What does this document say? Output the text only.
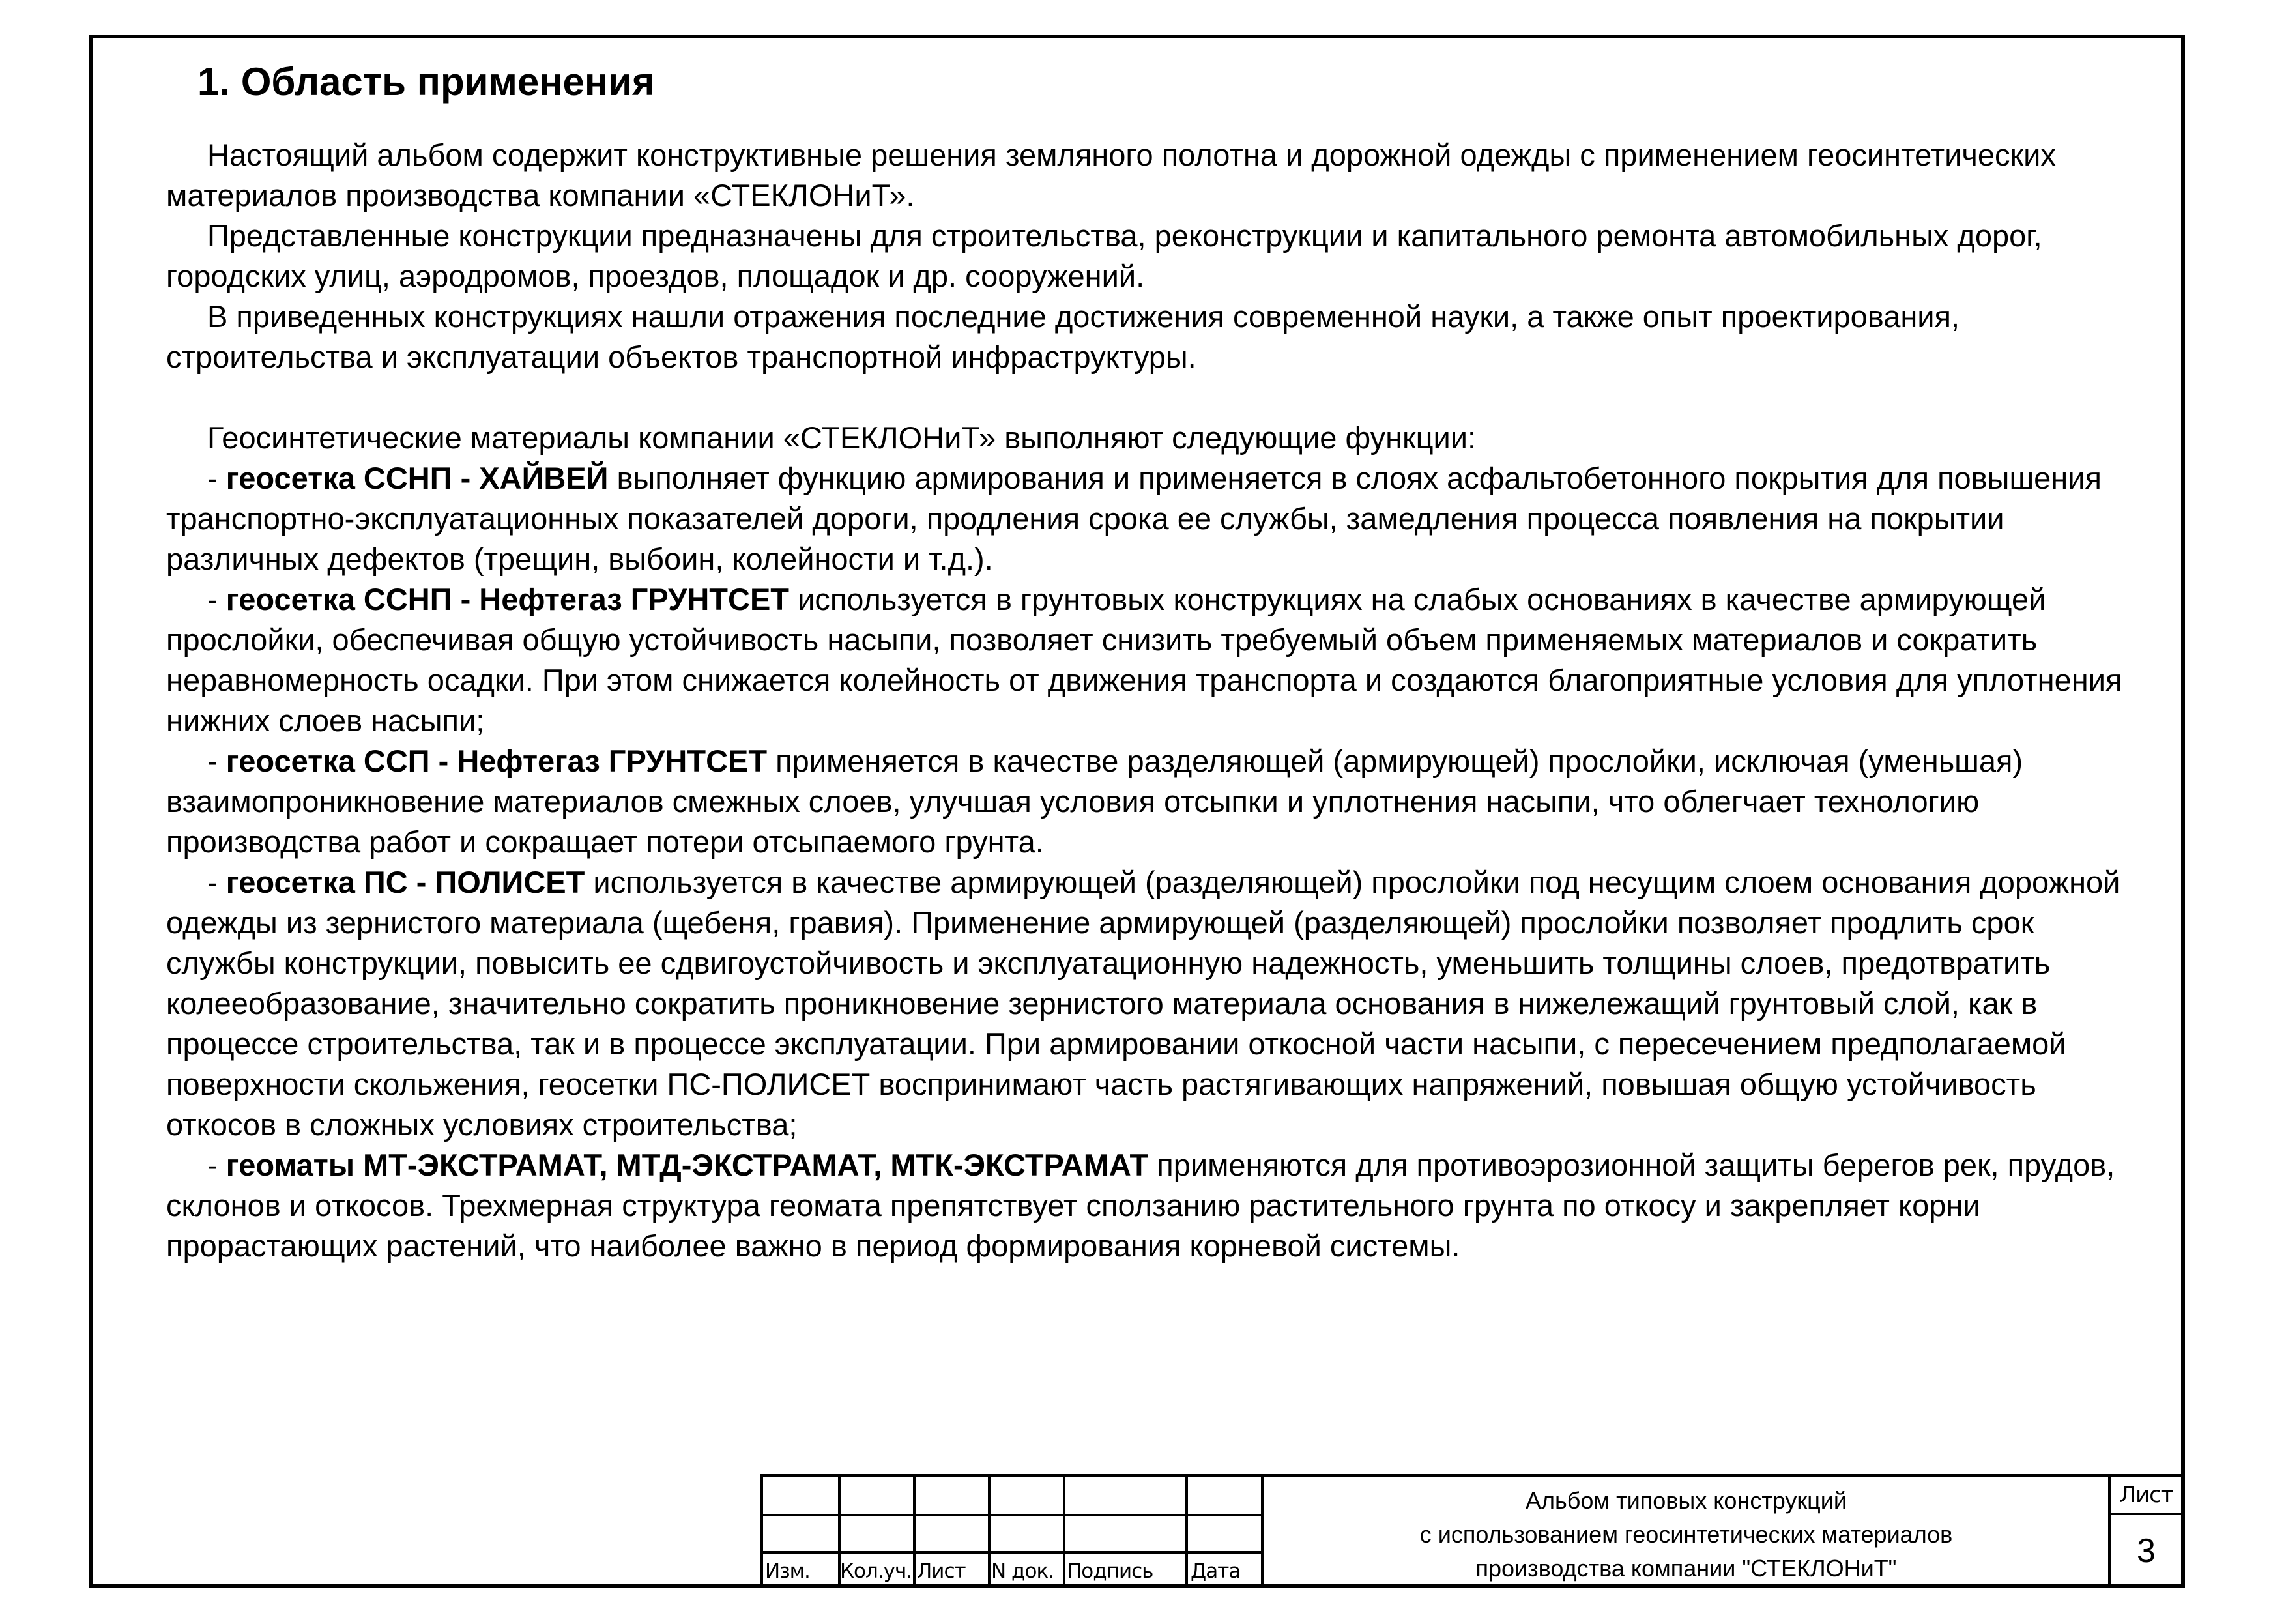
1. Область применения

Настоящий альбом содержит конструктивные решения земляного полотна и дорожной одежды с применением геосинтетических материалов производства компании «СТЕКЛОНиТ».

Представленные конструкции предназначены для строительства, реконструкции и капитального ремонта автомобильных дорог, городских улиц, аэродромов, проездов, площадок и др. сооружений.

В приведенных конструкциях нашли отражения последние достижения современной науки, а также опыт проектирования, строительства и эксплуатации объектов транспортной инфраструктуры.

Геосинтетические материалы компании «СТЕКЛОНиТ» выполняют следующие функции:

- геосетка ССНП - ХАЙВЕЙ выполняет функцию армирования и применяется в слоях асфальтобетонного покрытия для повышения транспортно-эксплуатационных показателей дороги, продления срока ее службы, замедления процесса появления на покрытии различных дефектов (трещин, выбоин, колейности и т.д.).

- геосетка ССНП - Нефтегаз ГРУНТСЕТ используется в грунтовых конструкциях на слабых основаниях в качестве армирующей прослойки, обеспечивая общую устойчивость насыпи, позволяет снизить требуемый объем применяемых материалов и сократить неравномерность осадки. При этом снижается колейность от движения транспорта и создаются благоприятные условия для уплотнения нижних слоев насыпи;

- геосетка ССП - Нефтегаз ГРУНТСЕТ применяется в качестве разделяющей (армирующей) прослойки, исключая (уменьшая) взаимопроникновение материалов смежных слоев, улучшая условия отсыпки и уплотнения насыпи, что облегчает технологию производства работ и сокращает потери отсыпаемого грунта.

- геосетка ПС - ПОЛИСЕТ используется в качестве армирующей (разделяющей) прослойки под несущим слоем основания дорожной одежды из зернистого материала (щебеня, гравия). Применение армирующей (разделяющей) прослойки позволяет продлить срок службы конструкции, повысить ее сдвигоустойчивость и эксплуатационную надежность, уменьшить толщины слоев, предотвратить колееобразование, значительно сократить проникновение зернистого материала основания в нижележащий грунтовый слой, как в процессе строительства, так и в процессе эксплуатации. При армировании откосной части насыпи, с пересечением предполагаемой поверхности скольжения, геосетки ПС-ПОЛИСЕТ воспринимают часть растягивающих напряжений, повышая общую устойчивость откосов в сложных условиях строительства;

- геоматы МТ-ЭКСТРАМАТ, МТД-ЭКСТРАМАТ, МТК-ЭКСТРАМАТ применяются для противоэрозионной защиты берегов рек, прудов, склонов и откосов. Трехмерная структура геомата препятствует сползанию растительного грунта по откосу и закрепляет корни прорастающих растений, что наиболее важно в период формирования корневой системы.

Изм. Кол.уч. Лист N док. Подпись Дата
Альбом типовых конструкций
с использованием геосинтетических материалов
производства компании "СТЕКЛОНиТ"
Лист
3
